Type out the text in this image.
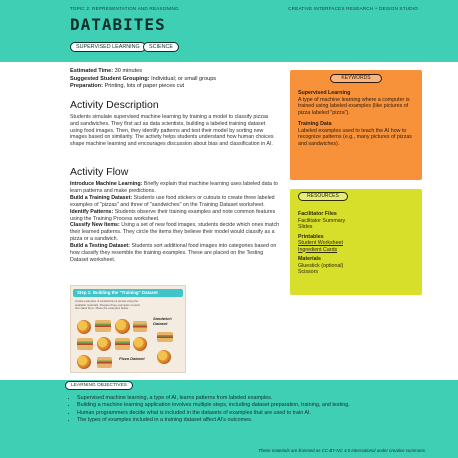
TOPIC 2: REPRESENTATION AND REASONING	CREATIVE INTERFACES RESEARCH + DESIGN STUDIO
DATABITES
SUPERVISED LEARNING	SCIENCE
Estimated Time: 30 minutes
Suggested Student Grouping: Individual; or small groups
Preparation: Printing, lots of paper pieces cut
Activity Description

Students simulate supervised machine learning by training a model to classify pizzas and sandwiches. They first act as data scientists, building a labeled training dataset using food images. Then, they identify patterns and test their model by sorting new images based on similarity. The activity helps students understand how human choices shape machine learning and encourages discussion about bias and classification in AI.

Activity Flow

Introduce Machine Learning: Briefly explain that machine learning uses labeled data to learn patterns and make predictions.

Build a Training Dataset: Students use food stickers or cutouts to create three labeled examples of "pizzas" and three of "sandwiches" on the Training Dataset worksheet.

Identify Patterns: Students observe their training examples and note common features using the Training Process worksheet.

Classify New Items: Using a set of new food images, students decide which ones match their learned patterns. They circle the items they believe their model would classify as a pizza or a sandwich.

Build a Testing Dataset: Students sort additional food images into categories based on how classify they resemble the training examples. These are placed on the Testing Dataset worksheet.

Step 1: Building the "Training" Dataset
Create examples of sandwiches & pizzas using the available materials. Prepare three examples of each, then label them. Place the examples below.
Sandwich Dataset
Pizza Dataset
KEYWORDS
Supervised Learning
A type of machine learning where a computer is trained using labeled examples (like pictures of pizza labeled "pizza").
Training Data
Labeled examples used to teach the AI how to recognize patterns (e.g., many pictures of pizzas and sandwiches).
RESOURCES
Facilitator Files
Facilitator Summary
Slides
Printables
Student Worksheet
Ingredient Cards
Materials
Gluestick (optional)
Scissors
LEARNING OBJECTIVES
• Supervised machine learning, a type of AI, learns patterns from labeled examples.
• Building a machine learning application involves multiple steps, including dataset preparation, training, and testing.
• Human programmers decide what is included in the datasets of examples that are used to train AI.
• The types of examples included in a training dataset affect AI's outcomes.
These materials are licensed as CC-BY-NC 4.0 International under creative commons.
